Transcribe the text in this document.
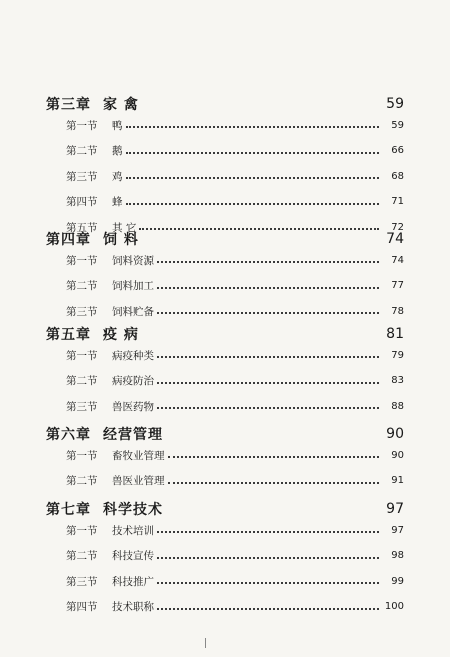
第三章 家 禽	59
第一节	鸭	59
第二节	鹅	66
第三节	鸡	68
第四节	蜂	71
第五节	其 它	72
第四章 饲 料	74
第一节	饲料资源	74
第二节	饲料加工	77
第三节	饲料贮备	78
第五章 疫 病	81
第一节	病疫种类	79
第二节	病疫防治	83
第三节	兽医药物	88
第六章 经营管理	90
第一节	畜牧业管理	90
第二节	兽医业管理	91
第七章 科学技术	97
第一节	技术培训	97
第二节	科技宣传	98
第三节	科技推广	99
第四节	技术职称	100
